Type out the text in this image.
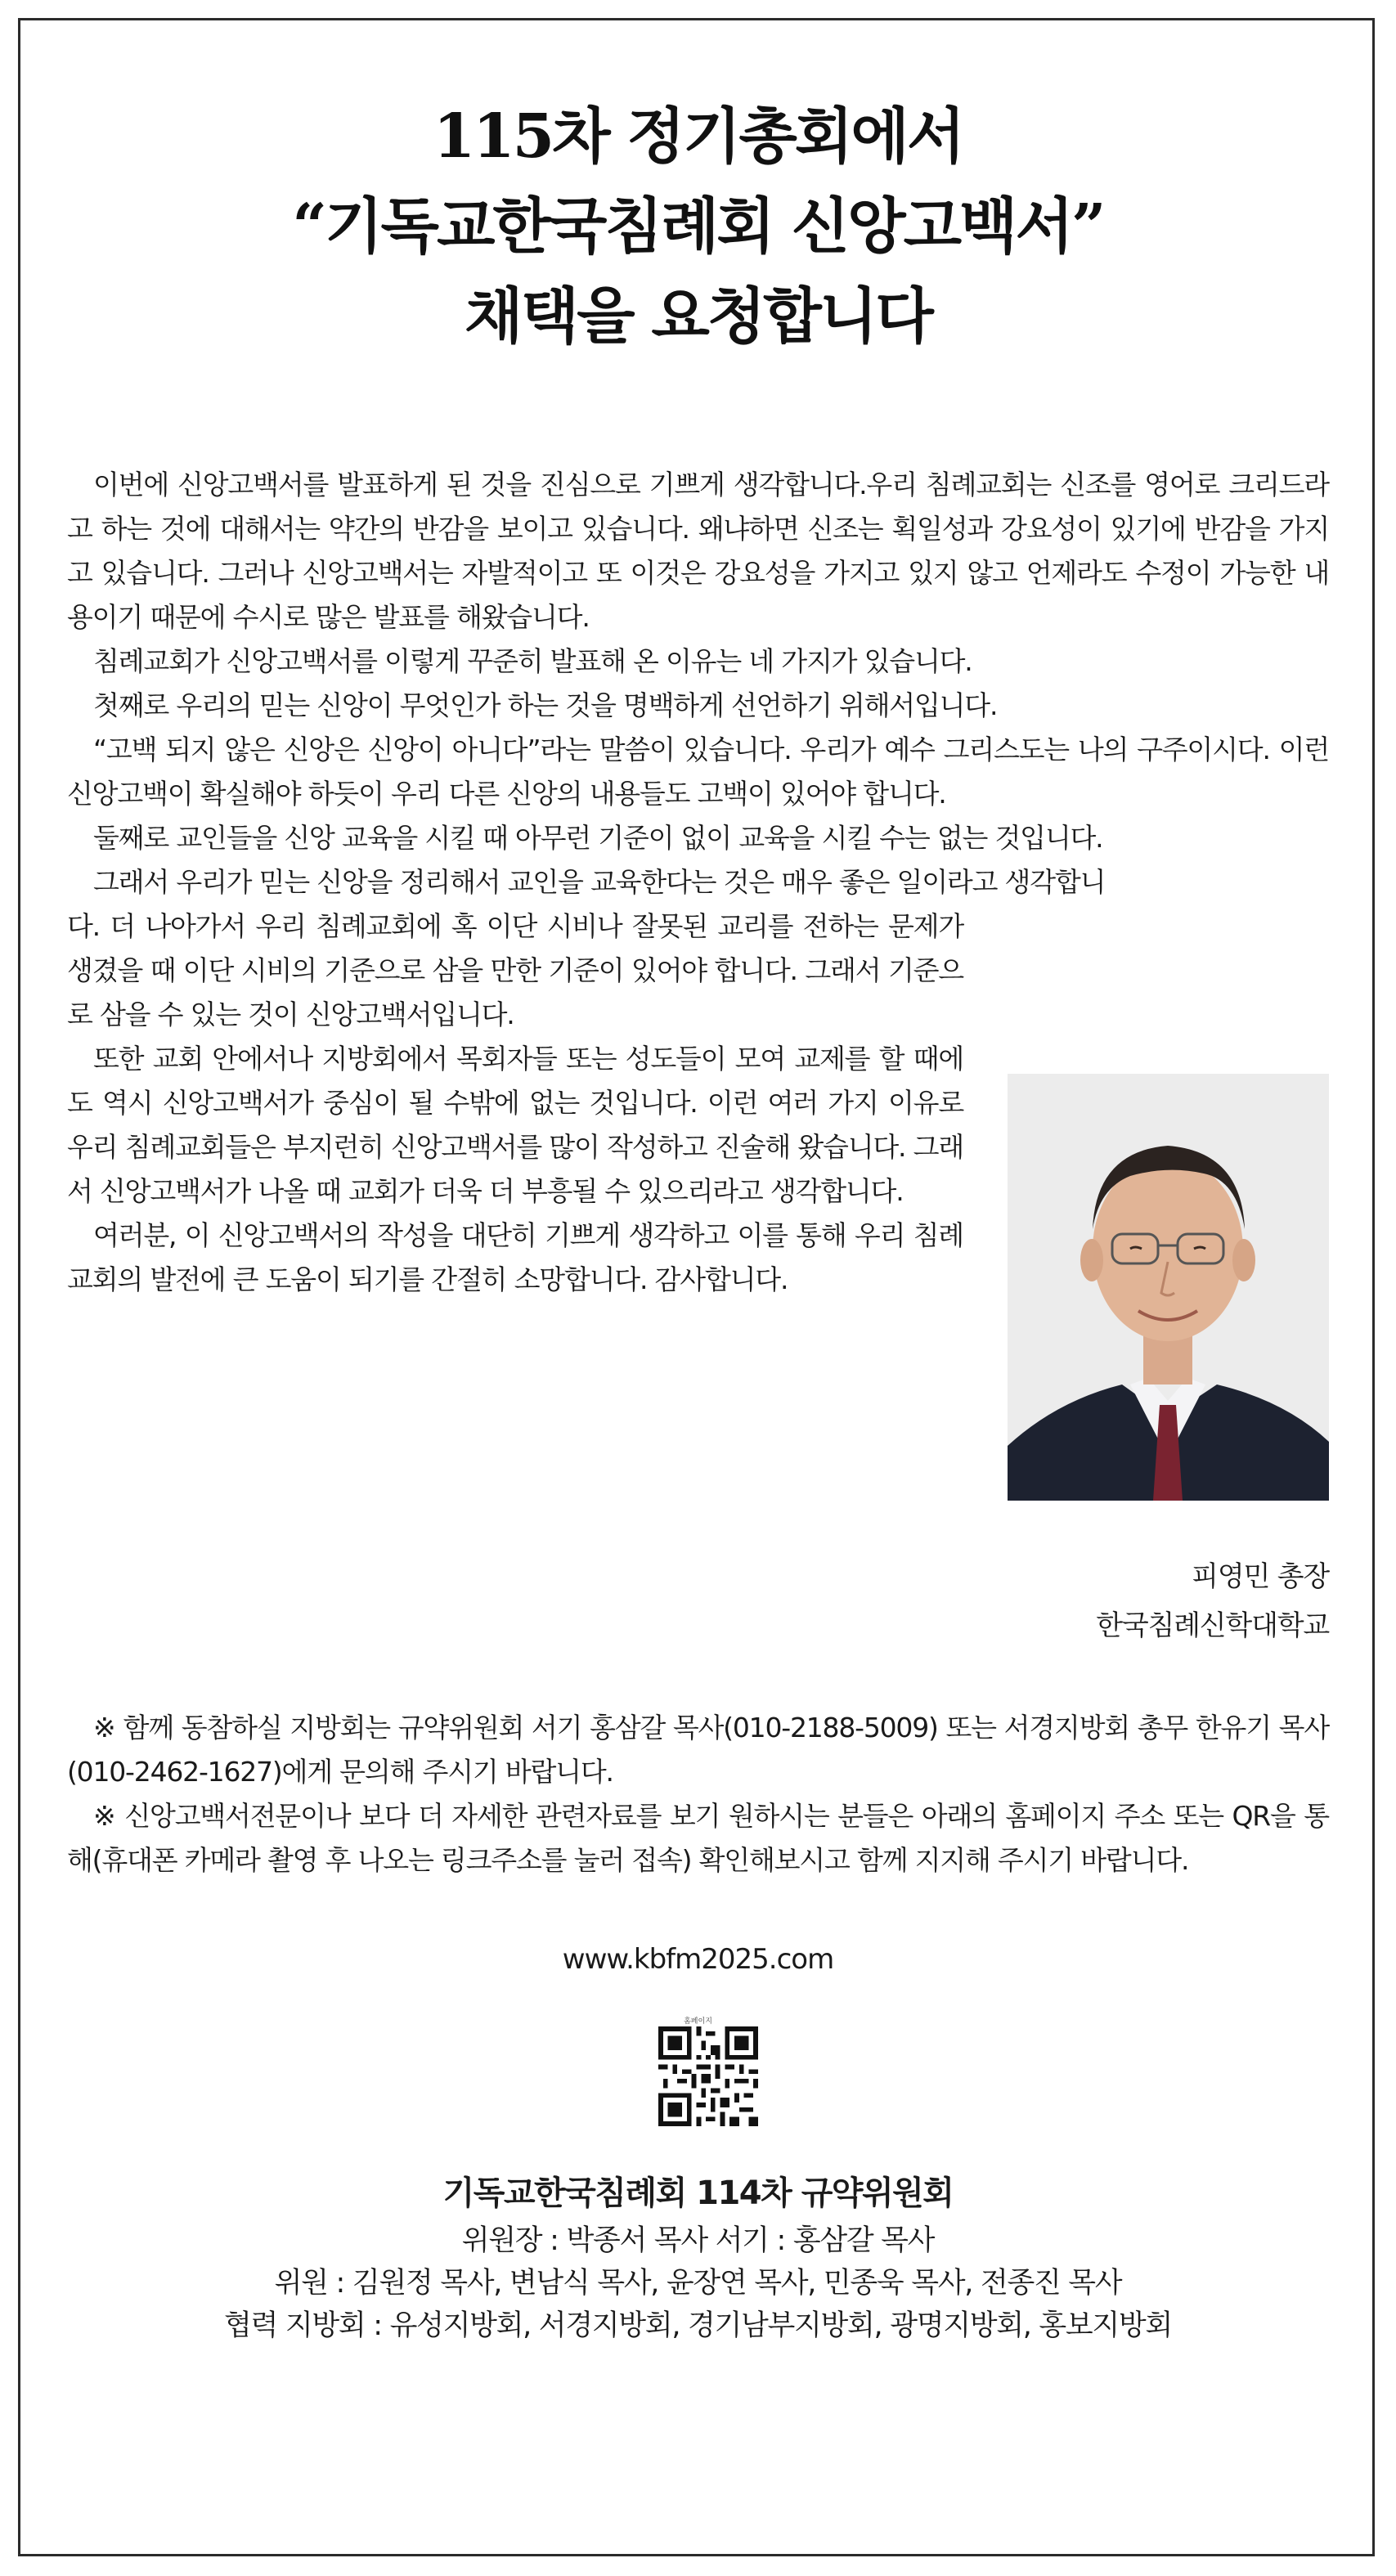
115차 정기총회에서
“기독교한국침례회 신앙고백서”
채택을 요청합니다

이번에 신앙고백서를 발표하게 된 것을 진심으로 기쁘게 생각합니다.우리 침례교회는 신조를 영어로 크리드라고 하는 것에 대해서는 약간의 반감을 보이고 있습니다. 왜냐하면 신조는 획일성과 강요성이 있기에 반감을 가지고 있습니다. 그러나 신앙고백서는 자발적이고 또 이것은 강요성을 가지고 있지 않고 언제라도 수정이 가능한 내용이기 때문에 수시로 많은 발표를 해왔습니다.

침례교회가 신앙고백서를 이렇게 꾸준히 발표해 온 이유는 네 가지가 있습니다.

첫째로 우리의 믿는 신앙이 무엇인가 하는 것을 명백하게 선언하기 위해서입니다.

“고백 되지 않은 신앙은 신앙이 아니다”라는 말씀이 있습니다. 우리가 예수 그리스도는 나의 구주이시다. 이런 신앙고백이 확실해야 하듯이 우리 다른 신앙의 내용들도 고백이 있어야 합니다.

둘째로 교인들을 신앙 교육을 시킬 때 아무런 기준이 없이 교육을 시킬 수는 없는 것입니다.

그래서 우리가 믿는 신앙을 정리해서 교인을 교육한다는 것은 매우 좋은 일이라고 생각합니

다. 더 나아가서 우리 침례교회에 혹 이단 시비나 잘못된 교리를 전하는 문제가 생겼을 때 이단 시비의 기준으로 삼을 만한 기준이 있어야 합니다. 그래서 기준으로 삼을 수 있는 것이 신앙고백서입니다.

또한 교회 안에서나 지방회에서 목회자들 또는 성도들이 모여 교제를 할 때에도 역시 신앙고백서가 중심이 될 수밖에 없는 것입니다. 이런 여러 가지 이유로 우리 침례교회들은 부지런히 신앙고백서를 많이 작성하고 진술해 왔습니다. 그래서 신앙고백서가 나올 때 교회가 더욱 더 부흥될 수 있으리라고 생각합니다.

여러분, 이 신앙고백서의 작성을 대단히 기쁘게 생각하고 이를 통해 우리 침례교회의 발전에 큰 도움이 되기를 간절히 소망합니다. 감사합니다.

피영민 총장
한국침례신학대학교

※ 함께 동참하실 지방회는 규약위원회 서기 홍삼갈 목사(010-2188-5009) 또는 서경지방회 총무 한유기 목사(010-2462-1627)에게 문의해 주시기 바랍니다.

※ 신앙고백서전문이나 보다 더 자세한 관련자료를 보기 원하시는 분들은 아래의 홈페이지 주소 또는 QR을 통해(휴대폰 카메라 촬영 후 나오는 링크주소를 눌러 접속) 확인해보시고 함께 지지해 주시기 바랍니다.

www.kbfm2025.com
홈페이지
기독교한국침례회 114차 규약위원회
위원장 : 박종서 목사 서기 : 홍삼갈 목사
위원 : 김원정 목사, 변남식 목사, 윤장연 목사, 민종욱 목사, 전종진 목사
협력 지방회 : 유성지방회, 서경지방회, 경기남부지방회, 광명지방회, 홍보지방회
